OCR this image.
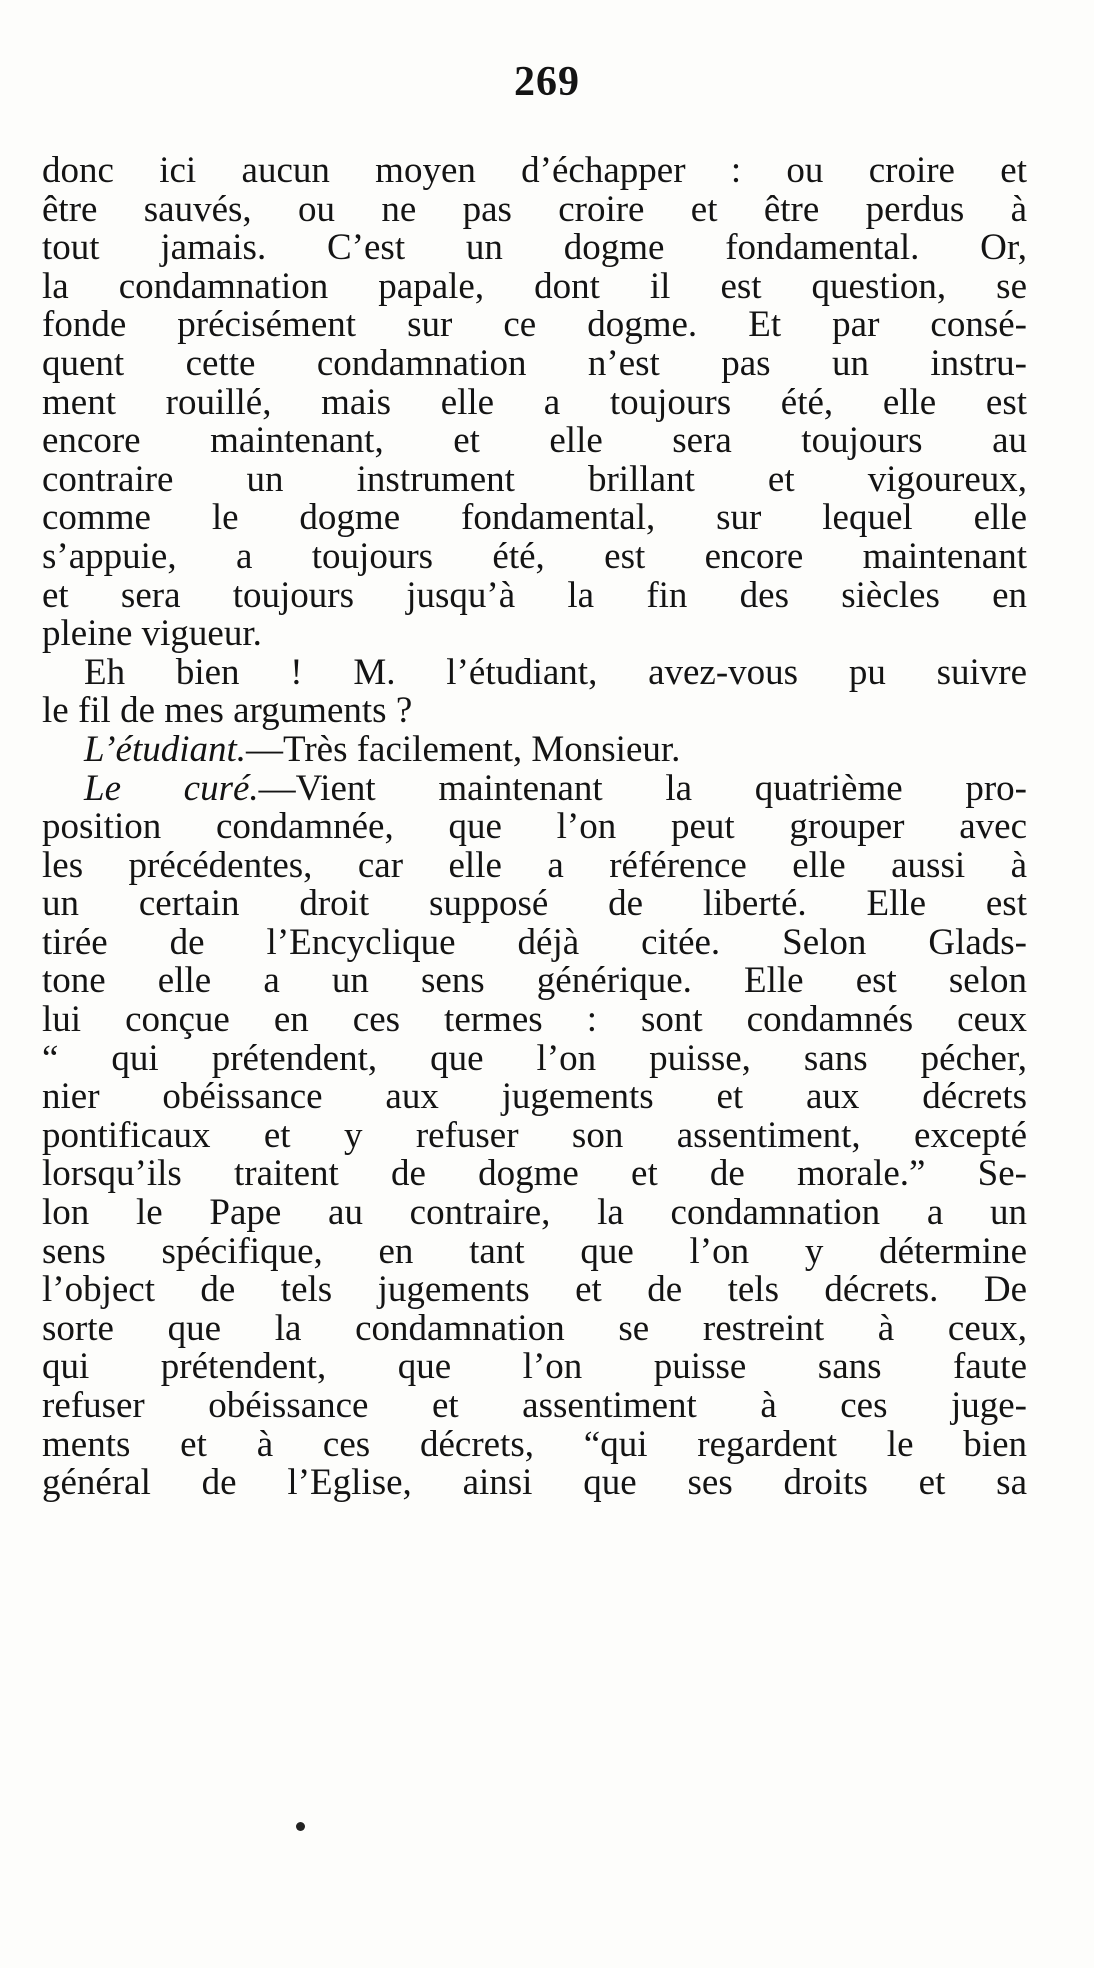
269
donc ici aucun moyen d’échapper : ou croire et
être sauvés, ou ne pas croire et être perdus à
tout jamais. C’est un dogme fondamental. Or,
la condamnation papale, dont il est question, se
fonde précisément sur ce dogme. Et par consé-
quent cette condamnation n’est pas un instru-
ment rouillé, mais elle a toujours été, elle est
encore maintenant, et elle sera toujours au
contraire un instrument brillant et vigoureux,
comme le dogme fondamental, sur lequel elle
s’appuie, a toujours été, est encore maintenant
et sera toujours jusqu’à la fin des siècles en
pleine vigueur.
Eh bien ! M. l’étudiant, avez-vous pu suivre
le fil de mes arguments ?
L’étudiant.—Très facilement, Monsieur.
Le curé.—Vient maintenant la quatrième pro-
position condamnée, que l’on peut grouper avec
les précédentes, car elle a référence elle aussi à
un certain droit supposé de liberté. Elle est
tirée de l’Encyclique déjà citée. Selon Glads-
tone elle a un sens générique. Elle est selon
lui conçue en ces termes : sont condamnés ceux
“ qui prétendent, que l’on puisse, sans pécher,
nier obéissance aux jugements et aux décrets
pontificaux et y refuser son assentiment, excepté
lorsqu’ils traitent de dogme et de morale.” Se-
lon le Pape au contraire, la condamnation a un
sens spécifique, en tant que l’on y détermine
l’object de tels jugements et de tels décrets. De
sorte que la condamnation se restreint à ceux,
qui prétendent, que l’on puisse sans faute
refuser obéissance et assentiment à ces juge-
ments et à ces décrets, “qui regardent le bien
général de l’Eglise, ainsi que ses droits et sa
